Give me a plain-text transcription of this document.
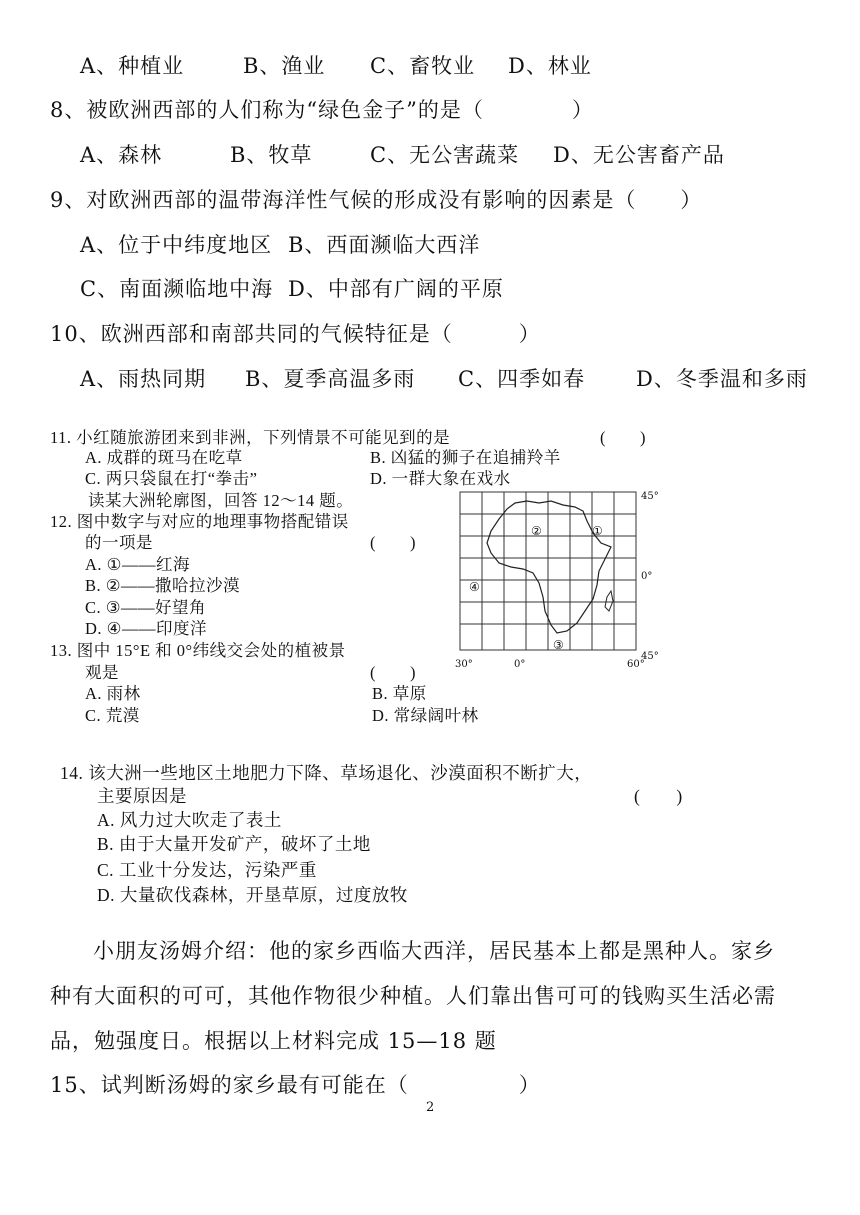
A、种植业	B、渔业 C、畜牧业 D、林业
8、被欧洲西部的人们称为“绿色金子”的是（　　　　）
A、森林	B、牧草	C、无公害蔬菜 D、无公害畜产品
9、对欧洲西部的温带海洋性气候的形成没有影响的因素是（　　）
A、位于中纬度地区 B、西面濒临大西洋
C、南面濒临地中海 D、中部有广阔的平原
10、欧洲西部和南部共同的气候特征是（　　　）
A、雨热同期 B、夏季高温多雨 C、四季如春 D、冬季温和多雨
11. 小红随旅游团来到非洲，下列情景不可能见到的是	(　　)
A. 成群的斑马在吃草	B. 凶猛的狮子在追捕羚羊
C. 两只袋鼠在打“拳击”	D. 一群大象在戏水
读某大洲轮廓图，回答 12～14 题。
12. 图中数字与对应的地理事物搭配错误
的一项是	(　　)
A. ①——红海
B. ②——撒哈拉沙漠
C. ③——好望角
D. ④——印度洋
13. 图中 15°E 和 0°纬线交会处的植被景
观是	(　　)
A. 雨林	B. 草原
C. 荒漠	D. 常绿阔叶林
①
②
③
④
45°
0°
45°
30°	0°	60°
14. 该大洲一些地区土地肥力下降、草场退化、沙漠面积不断扩大，
主要原因是	(　　)
A. 风力过大吹走了表土
B. 由于大量开发矿产，破坏了土地
C. 工业十分发达，污染严重
D. 大量砍伐森林，开垦草原，过度放牧
小朋友汤姆介绍：他的家乡西临大西洋，居民基本上都是黑种人。家乡
种有大面积的可可，其他作物很少种植。人们靠出售可可的钱购买生活必需
品，勉强度日。根据以上材料完成 15—18 题
15、试判断汤姆的家乡最有可能在（　　　　　）
2
